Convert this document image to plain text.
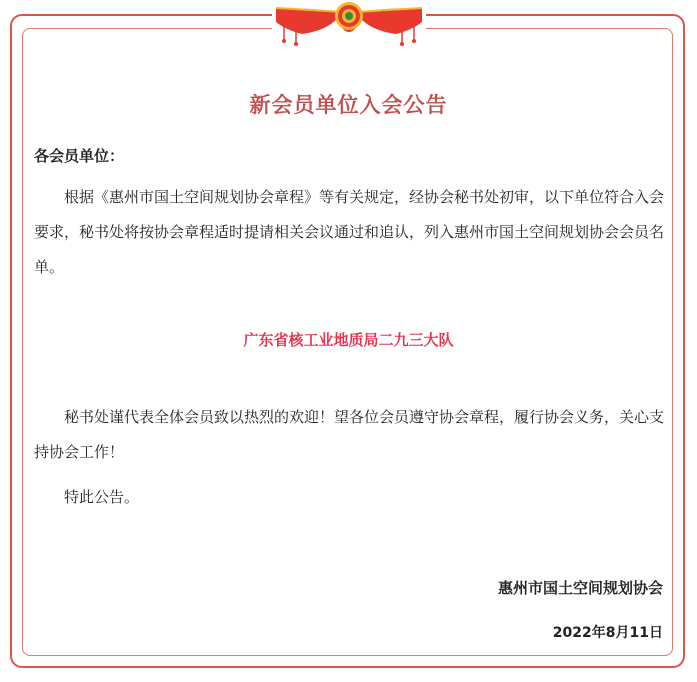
新会员单位入会公告
各会员单位：

根据《惠州市国土空间规划协会章程》等有关规定，经协会秘书处初审，以下单位符合入会要求，秘书处将按协会章程适时提请相关会议通过和追认，列入惠州市国土空间规划协会会员名单。

广东省核工业地质局二九三大队

秘书处谨代表全体会员致以热烈的欢迎！望各位会员遵守协会章程，履行协会义务，关心支持协会工作！

特此公告。

惠州市国土空间规划协会
2022年8月11日
